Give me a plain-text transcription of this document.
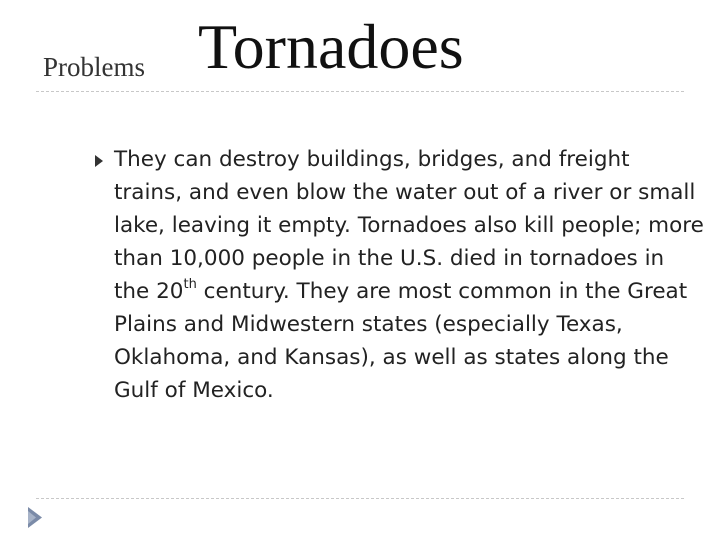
Problems Tornadoes

They can destroy buildings, bridges, and freight trains, and even blow the water out of a river or small lake, leaving it empty. Tornadoes also kill people; more than 10,000 people in the U.S. died in tornadoes in the 20th century. They are most common in the Great Plains and Midwestern states (especially Texas, Oklahoma, and Kansas), as well as states along the Gulf of Mexico.
